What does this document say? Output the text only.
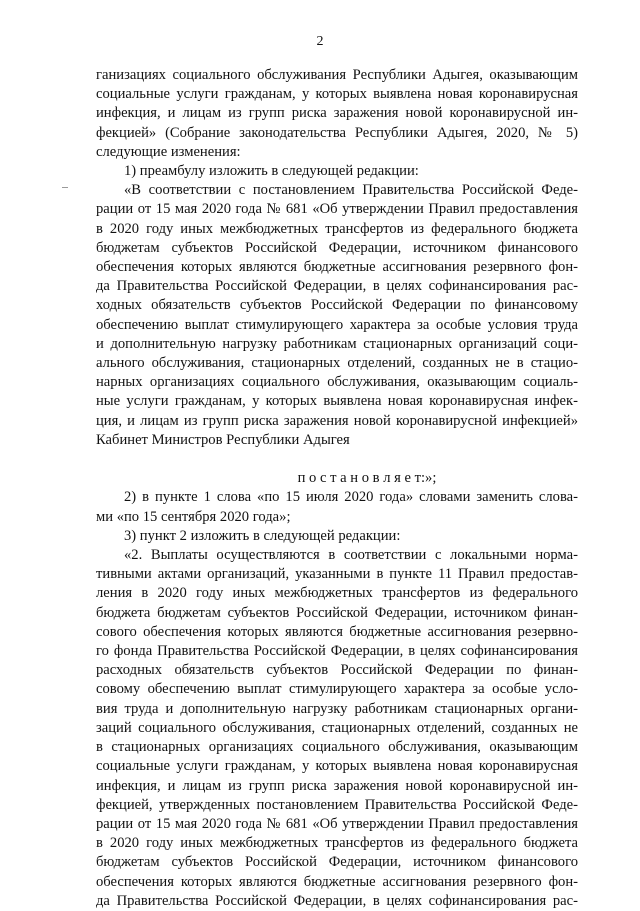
2
ганизациях социального обслуживания Республики Адыгея, оказывающим
социальные услуги гражданам, у которых выявлена новая коронавирусная
инфекция, и лицам из групп риска заражения новой коронавирусной ин-
фекцией» (Собрание законодательства Республики Адыгея, 2020, № 5)
следующие изменения:
1) преамбулу изложить в следующей редакции:
«В соответствии с постановлением Правительства Российской Феде-
рации от 15 мая 2020 года № 681 «Об утверждении Правил предоставления
в 2020 году иных межбюджетных трансфертов из федерального бюджета
бюджетам субъектов Российской Федерации, источником финансового
обеспечения которых являются бюджетные ассигнования резервного фон-
да Правительства Российской Федерации, в целях софинансирования рас-
ходных обязательств субъектов Российской Федерации по финансовому
обеспечению выплат стимулирующего характера за особые условия труда
и дополнительную нагрузку работникам стационарных организаций соци-
ального обслуживания, стационарных отделений, созданных не в стацио-
нарных организациях социального обслуживания, оказывающим социаль-
ные услуги гражданам, у которых выявлена новая коронавирусная инфек-
ция, и лицам из групп риска заражения новой коронавирусной инфекцией»
Кабинет Министров Республики Адыгея
п о с т а н о в л я е т:»;
2) в пункте 1 слова «по 15 июля 2020 года» словами заменить слова-
ми «по 15 сентября 2020 года»;
3) пункт 2 изложить в следующей редакции:
«2. Выплаты осуществляются в соответствии с локальными норма-
тивными актами организаций, указанными в пункте 11 Правил предостав-
ления в 2020 году иных межбюджетных трансфертов из федерального
бюджета бюджетам субъектов Российской Федерации, источником финан-
сового обеспечения которых являются бюджетные ассигнования резервно-
го фонда Правительства Российской Федерации, в целях софинансирования
расходных обязательств субъектов Российской Федерации по финан-
совому обеспечению выплат стимулирующего характера за особые усло-
вия труда и дополнительную нагрузку работникам стационарных органи-
заций социального обслуживания, стационарных отделений, созданных не
в стационарных организациях социального обслуживания, оказывающим
социальные услуги гражданам, у которых выявлена новая коронавирусная
инфекция, и лицам из групп риска заражения новой коронавирусной ин-
фекцией, утвержденных постановлением Правительства Российской Феде-
рации от 15 мая 2020 года № 681 «Об утверждении Правил предоставления
в 2020 году иных межбюджетных трансфертов из федерального бюджета
бюджетам субъектов Российской Федерации, источником финансового
обеспечения которых являются бюджетные ассигнования резервного фон-
да Правительства Российской Федерации, в целях софинансирования рас-
